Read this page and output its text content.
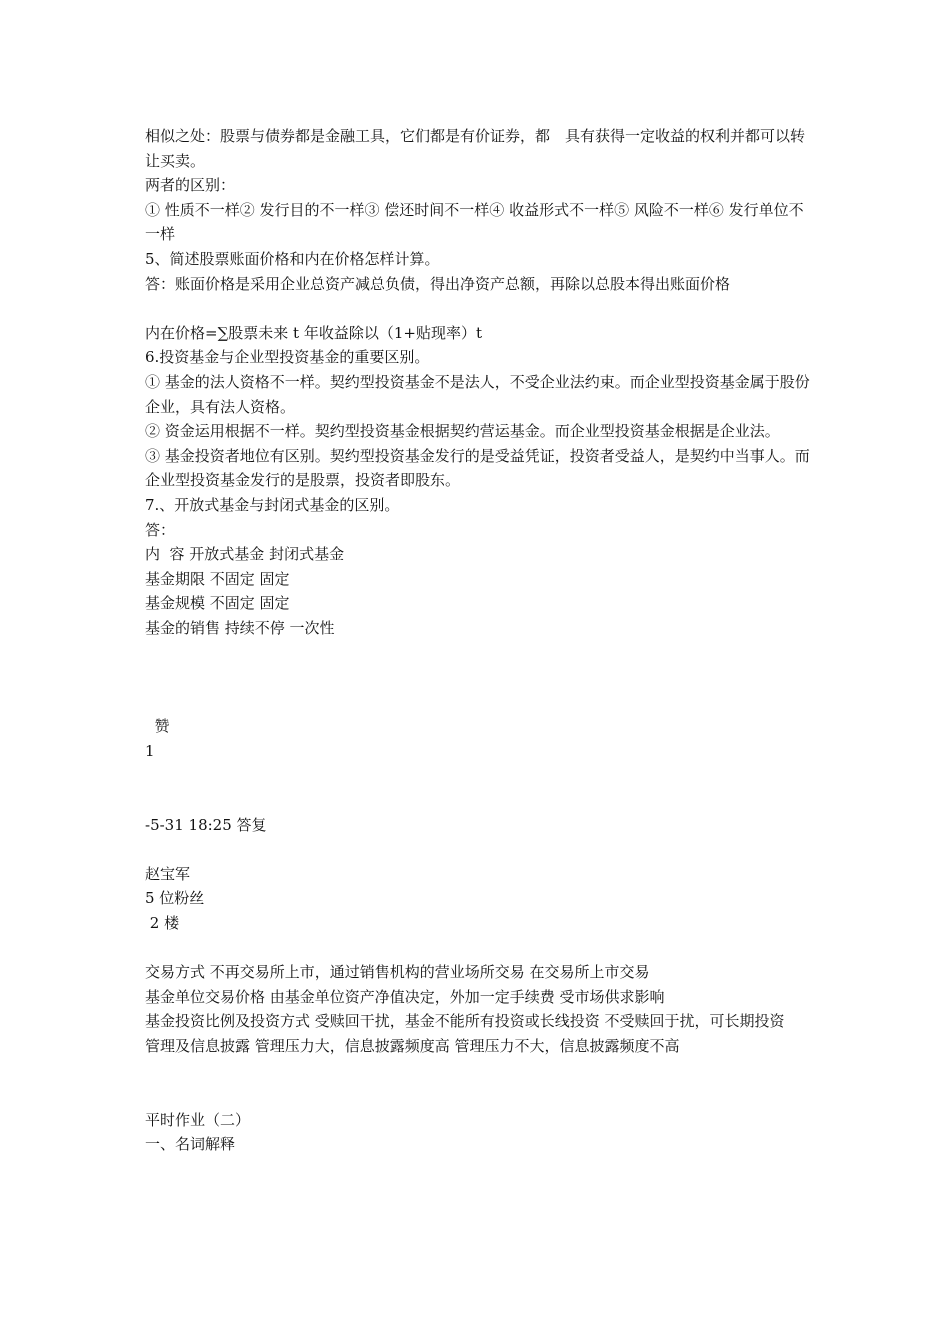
相似之处：股票与债券都是金融工具，它们都是有价证券，都　具有获得一定收益的权利并都可以转让买卖。

两者的区别：

① 性质不一样② 发行目的不一样③ 偿还时间不一样④ 收益形式不一样⑤ 风险不一样⑥ 发行单位不一样

5、简述股票账面价格和内在价格怎样计算。

答：账面价格是采用企业总资产减总负债，得出净资产总额，再除以总股本得出账面价格

内在价格=∑股票未来 t 年收益除以（1+贴现率）t

6.投资基金与企业型投资基金的重要区别。

① 基金的法人资格不一样。契约型投资基金不是法人，不受企业法约束。而企业型投资基金属于股份企业，具有法人资格。

② 资金运用根据不一样。契约型投资基金根据契约营运基金。而企业型投资基金根据是企业法。

③ 基金投资者地位有区别。契约型投资基金发行的是受益凭证，投资者受益人，是契约中当事人。而企业型投资基金发行的是股票，投资者即股东。

7.、开放式基金与封闭式基金的区别。

答：

内  容 开放式基金 封闭式基金

基金期限 不固定 固定

基金规模 不固定 固定

基金的销售 持续不停 一次性

赞

1

-5-31 18:25 答复

赵宝军

5 位粉丝

2 楼

交易方式 不再交易所上市，通过销售机构的营业场所交易 在交易所上市交易

基金单位交易价格 由基金单位资产净值决定，外加一定手续费 受市场供求影响

基金投资比例及投资方式 受赎回干扰，基金不能所有投资或长线投资 不受赎回于扰，可长期投资

管理及信息披露 管理压力大，信息披露频度高 管理压力不大，信息披露频度不高

平时作业（二）

一、名词解释
